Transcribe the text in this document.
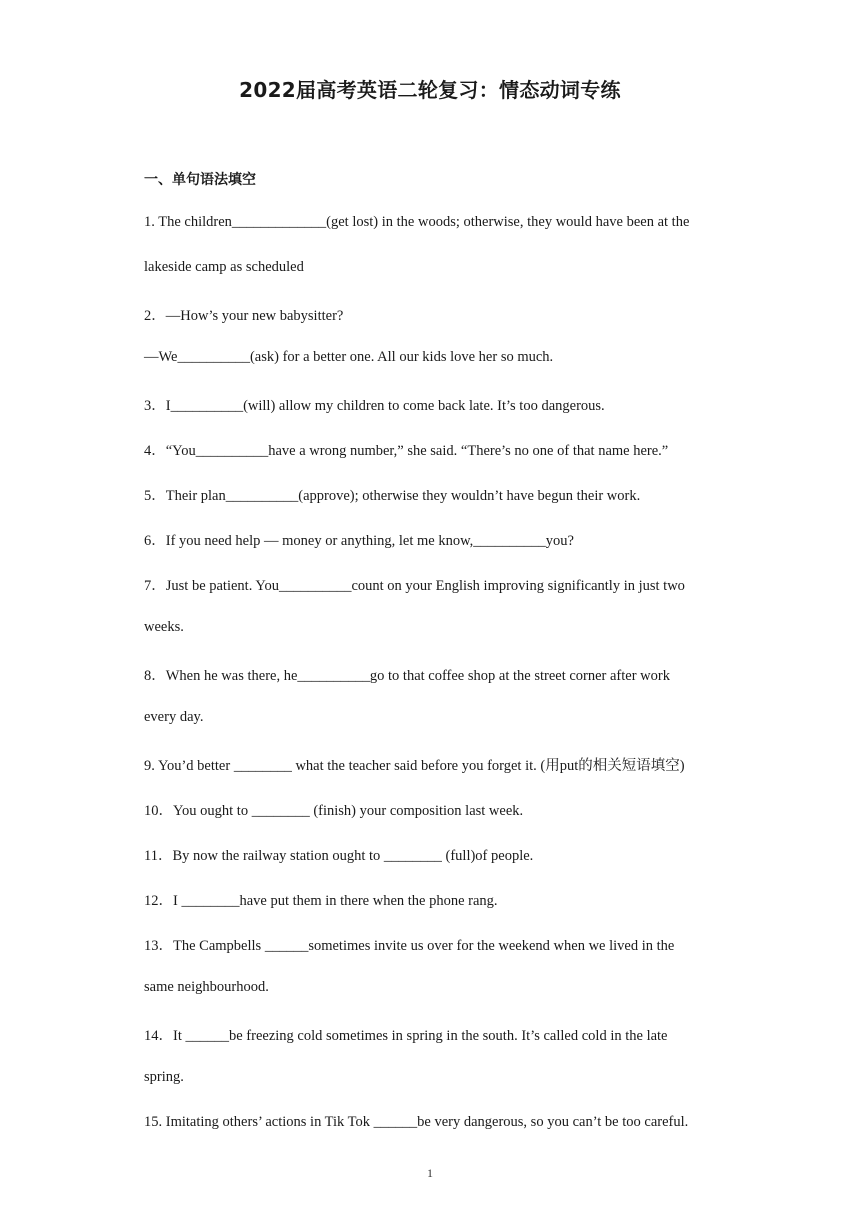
2022届高考英语二轮复习：情态动词专练
一、单句语法填空
1. The children_____________(get lost) in the woods; otherwise, they would have been at the
lakeside camp as scheduled
2．—How’s your new babysitter?
—We__________(ask) for a better one. All our kids love her so much.
3．I__________(will) allow my children to come back late. It’s too dangerous.
4．“You__________have a wrong number,” she said. “There’s no one of that name here.”
5．Their plan__________(approve); otherwise they wouldn’t have begun their work.
6．If you need help — money or anything, let me know,__________you?
7．Just be patient. You__________count on your English improving significantly in just two
weeks.
8．When he was there, he__________go to that coffee shop at the street corner after work
every day.
9. You’d better ________ what the teacher said before you forget it. (用put的相关短语填空)
10．You ought to ________ (finish) your composition last week.
11．By now the railway station ought to ________ (full)of people.
12．I ________have put them in there when the phone rang.
13．The Campbells ______sometimes invite us over for the weekend when we lived in the
same neighbourhood.
14．It ______be freezing cold sometimes in spring in the south. It’s called cold in the late
spring.
15. Imitating others’ actions in Tik Tok ______be very dangerous, so you can’t be too careful.
1
